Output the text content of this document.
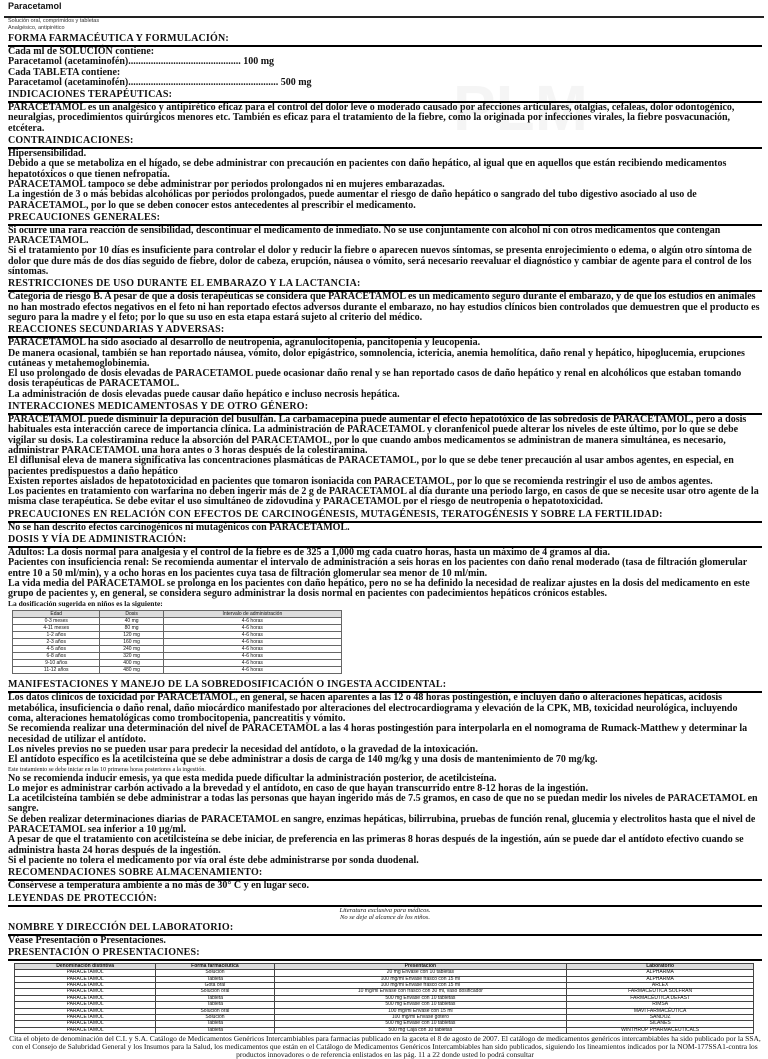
Paracetamol
Solución oral, comprimidos y tabletas
Analgésico, antipirético
FORMA FARMACÉUTICA Y FORMULACIÓN:

Cada ml de SOLUCIÓN contiene:

Paracetamol (acetaminofén)............................................. 100 mg

Cada TABLETA contiene:

Paracetamol (acetaminofén)............................................................ 500 mg

INDICACIONES TERAPÉUTICAS:

PARACETAMOL es un analgésico y antipirético eficaz para el control del dolor leve o moderado causado por afecciones articulares, otalgias, cefaleas, dolor odontogénico, neuralgias, procedimientos quirúrgicos menores etc. También es eficaz para el tratamiento de la fiebre, como la originada por infecciones virales, la fiebre posvacunación, etcétera.

CONTRAINDICACIONES:

Hipersensibilidad.

Debido a que se metaboliza en el hígado, se debe administrar con precaución en pacientes con daño hepático, al igual que en aquellos que están recibiendo medicamentos hepatotóxicos o que tienen nefropatía.

PARACETAMOL tampoco se debe administrar por periodos prolongados ni en mujeres embarazadas.

La ingestión de 3 o más bebidas alcohólicas por periodos prolongados, puede aumentar el riesgo de daño hepático o sangrado del tubo digestivo asociado al uso de PARACETAMOL, por lo que se deben conocer estos antecedentes al prescribir el medicamento.

PRECAUCIONES GENERALES:

Si ocurre una rara reacción de sensibilidad, descontinuar el medicamento de inmediato. No se use conjuntamente con alcohol ni con otros medicamentos que contengan PARACETAMOL.

Si el tratamiento por 10 días es insuficiente para controlar el dolor y reducir la fiebre o aparecen nuevos síntomas, se presenta enrojecimiento o edema, o algún otro síntoma de dolor que dure más de dos días seguido de fiebre, dolor de cabeza, erupción, náusea o vómito, será necesario reevaluar el diagnóstico y cambiar de agente para el control de los síntomas.

RESTRICCIONES DE USO DURANTE EL EMBARAZO Y LA LACTANCIA:

Categoría de riesgo B. A pesar de que a dosis terapéuticas se considera que PARACETAMOL es un medicamento seguro durante el embarazo, y de que los estudios en animales no han mostrado efectos negativos en el feto ni han reportado efectos adversos durante el embarazo, no hay estudios clínicos bien controlados que demuestren que el producto es seguro para la madre y el feto; por lo que su uso en esta etapa estará sujeto al criterio del médico.

REACCIONES SECUNDARIAS Y ADVERSAS:

PARACETAMOL ha sido asociado al desarrollo de neutropenia, agranulocitopenia, pancitopenia y leucopenia.

De manera ocasional, también se han reportado náusea, vómito, dolor epigástrico, somnolencia, ictericia, anemia hemolítica, daño renal y hepático, hipoglucemia, erupciones cutáneas y metahemoglobinemia.

El uso prolongado de dosis elevadas de PARACETAMOL puede ocasionar daño renal y se han reportado casos de daño hepático y renal en alcohólicos que estaban tomando dosis terapéuticas de PARACETAMOL.

La administración de dosis elevadas puede causar daño hepático e incluso necrosis hepática.

INTERACCIONES MEDICAMENTOSAS Y DE OTRO GÉNERO:

PARACETAMOL puede disminuir la depuración del busulfán. La carbamacepina puede aumentar el efecto hepatotóxico de las sobredosis de PARACETAMOL, pero a dosis habituales esta interacción carece de importancia clínica. La administración de PARACETAMOL y cloranfenicol puede alterar los niveles de este último, por lo que se debe vigilar su dosis. La colestiramina reduce la absorción del PARACETAMOL, por lo que cuando ambos medicamentos se administran de manera simultánea, es necesario, administrar PARACETAMOL una hora antes o 3 horas después de la colestiramina.

El diflunisal eleva de manera significativa las concentraciones plasmáticas de PARACETAMOL, por lo que se debe tener precaución al usar ambos agentes, en especial, en pacientes predispuestos a daño hepático

Existen reportes aislados de hepatotoxicidad en pacientes que tomaron isoniacida con PARACETAMOL, por lo que se recomienda restringir el uso de ambos agentes.

Los pacientes en tratamiento con warfarina no deben ingerir más de 2 g de PARACETAMOL al día durante una periodo largo, en casos de que se necesite usar otro agente de la misma clase terapéutica. Se debe evitar el uso simultáneo de zidovudina y PARACETAMOL por el riesgo de neutropenia o hepatotoxicidad.

PRECAUCIONES EN RELACIÓN CON EFECTOS DE CARCINOGÉNESIS, MUTAGÉNESIS, TERATOGÉNESIS Y SOBRE LA FERTILIDAD:

No se han descrito efectos carcinogénicos ni mutagénicos con PARACETAMOL.

DOSIS Y VÍA DE ADMINISTRACIÓN:

Adultos: La dosis normal para analgesia y el control de la fiebre es de 325 a 1,000 mg cada cuatro horas, hasta un máximo de 4 gramos al día.

Pacientes con insuficiencia renal: Se recomienda aumentar el intervalo de administración a seis horas en los pacientes con daño renal moderado (tasa de filtración glomerular entre 10 a 50 ml/min), y a ocho horas en los pacientes cuya tasa de filtración glomerular sea menor de 10 ml/min.

La vida media del PARACETAMOL se prolonga en los pacientes con daño hepático, pero no se ha definido la necesidad de realizar ajustes en la dosis del medicamento en este grupo de pacientes y, en general, se considera seguro administrar la dosis normal en pacientes con padecimientos hepáticos crónicos estables.

La dosificación sugerida en niños es la siguiente:
Edad	Dosis	Intervalo de administración
0-3 meses	40 mg	4-6 horas
4-11 meses	80 mg	4-6 horas
1-2 años	120 mg	4-6 horas
2-3 años	160 mg	4-6 horas
4-5 años	240 mg	4-6 horas
6-8 años	320 mg	4-6 horas
9-10 años	400 mg	4-6 horas
11-12 años	480 mg	4-6 horas
MANIFESTACIONES Y MANEJO DE LA SOBREDOSIFICACIÓN O INGESTA ACCIDENTAL:

Los datos clínicos de toxicidad por PARACETAMOL, en general, se hacen aparentes a las 12 o 48 horas postingestión, e incluyen daño o alteraciones hepáticas, acidosis metabólica, insuficiencia o daño renal, daño miocárdico manifestado por alteraciones del electrocardiograma y elevación de la CPK, MB, toxicidad neurológica, incluyendo coma, alteraciones hematológicas como trombocitopenia, pancreatitis y vómito.

Se recomienda realizar una determinación del nivel de PARACETAMOL a las 4 horas postingestión para interpolarla en el nomograma de Rumack-Matthew y determinar la necesidad de utilizar el antídoto.

Los niveles previos no se pueden usar para predecir la necesidad del antídoto, o la gravedad de la intoxicación.

El antídoto específico es la acetilcisteína que se debe administrar a dosis de carga de 140 mg/kg y una dosis de mantenimiento de 70 mg/kg.

Este tratamiento se debe iniciar en las 10 primeras horas posteriores a la ingestión.

No se recomienda inducir emesis, ya que esta medida puede dificultar la administración posterior, de acetilcisteína.

Lo mejor es administrar carbón activado a la brevedad y el antídoto, en caso de que hayan transcurrido entre 8-12 horas de la ingestión.

La acetilcisteína también se debe administrar a todas las personas que hayan ingerido más de 7.5 gramos, en caso de que no se puedan medir los niveles de PARACETAMOL en sangre.

Se deben realizar determinaciones diarias de PARACETAMOL en sangre, enzimas hepáticas, bilirrubina, pruebas de función renal, glucemia y electrolitos hasta que el nivel de PARACETAMOL sea inferior a 10 µg/ml.

A pesar de que el tratamiento con acetilcisteína se debe iniciar, de preferencia en las primeras 8 horas después de la ingestión, aún se puede dar el antídoto efectivo cuando se administra hasta 24 horas después de la ingestión.

Si el paciente no tolera el medicamento por vía oral éste debe administrarse por sonda duodenal.

RECOMENDACIONES SOBRE ALMACENAMIENTO:

Consérvese a temperatura ambiente a no más de 30° C y en lugar seco.

LEYENDAS DE PROTECCIÓN:
Literatura exclusiva para médicos.
No se deje al alcance de los niños.
NOMBRE Y DIRECCIÓN DEL LABORATORIO:

Véase Presentación o Presentaciones.

PRESENTACIÓN O PRESENTACIONES:
Denominación distintiva	Forma farmacéutica	Presentación	Laboratorio
PARACETAMOL	Solución	20 mg Envase con 10 tabletas	ALPHARMA
PARACETAMOL	Tableta	100 mg/ml Envase frasco con 15 ml	ALPHARMA
PARACETAMOL	Gota oral	100 mg/ml Envase frasco con 15 ml	ARLEX
PARACETAMOL	Solución oral	10 mg/ml Envase con frasco con 30 ml, vaso dosificador	FARMACÉUTICA SOLFRAN
PARACETAMOL	Tableta	500 mg Envase con 10 tabletas	FARMACÉUTICA DEFAST
PARACETAMOL	Tableta	500 mg Envase con 10 tabletas	RIMSA
PARACETAMOL	Solución oral	100 mg/ml Envase con 15 ml	MAVI FARMACÉUTICA
PARACETAMOL	Solución	100 mg/ml Envase gotero	SANDOZ
PARACETAMOL	Tableta	500 mg Envase con 10 tabletas	SILANES
PARACETAMOL	Tableta	500 mg Caja con 10 tabletas	WINTHROP PHARMACEUTICALS
Cita el objeto de denominación del C.I. y S.A. Catálogo de Medicamentos Genéricos Intercambiables para farmacias publicado en la gaceta el 8 de agosto de 2007. El catálogo de medicamentos genéricos intercambiables ha sido publicado por la SSA, con el Consejo de Salubridad General y los Insumos para la Salud, los medicamentos que están en el Catálogo de Medicamentos Genéricos Intercambiables han sido publicados, siguiendo los lineamientos indicados por la NOM-177SSA1-contra los productos innovadores o de referencia enlistados en las pág. 11 a 22 donde usted lo podrá consultar
